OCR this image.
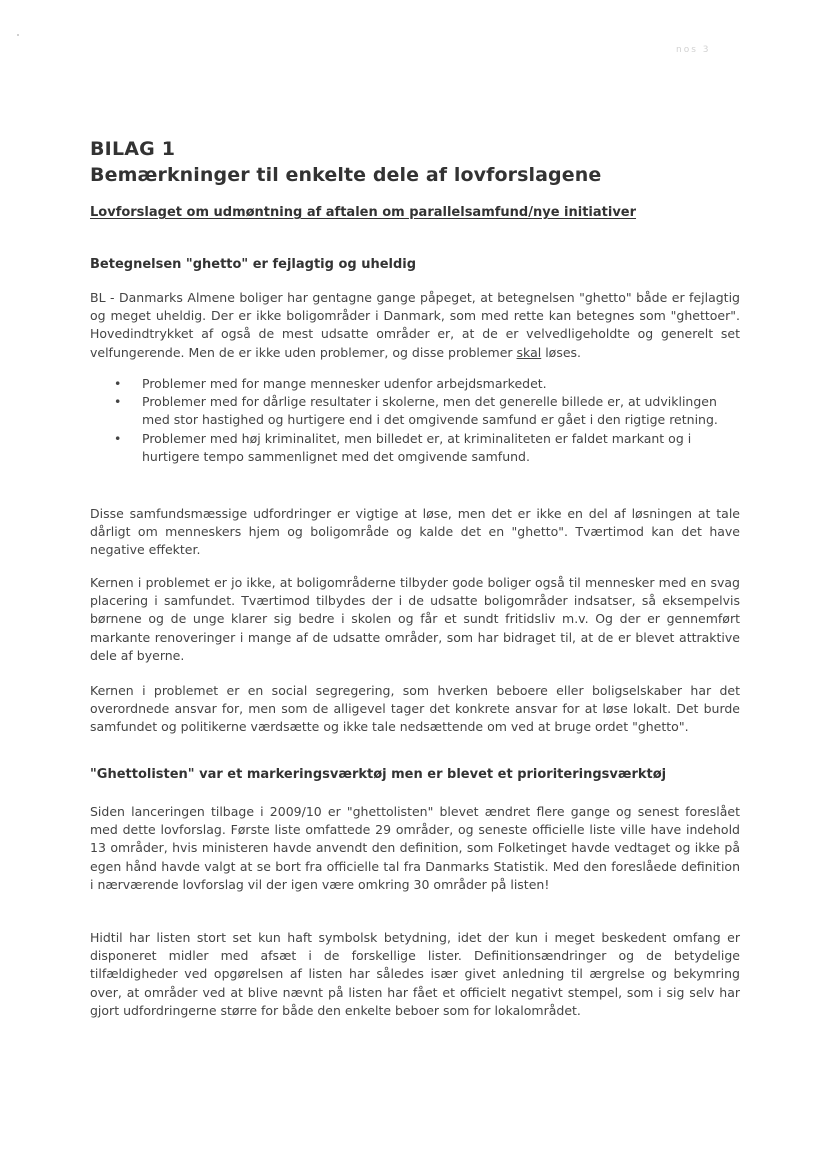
nos 3
BILAG 1
Bemærkninger til enkelte dele af lovforslagene
Lovforslaget om udmøntning af aftalen om parallelsamfund/nye initiativer
Betegnelsen "ghetto" er fejlagtig og uheldig
BL - Danmarks Almene boliger har gentagne gange påpeget, at betegnelsen "ghetto" både er fejlagtig og meget uheldig. Der er ikke boligområder i Danmark, som med rette kan betegnes som "ghettoer". Hovedindtrykket af også de mest udsatte områder er, at de er velvedligeholdte og generelt set velfungerende. Men de er ikke uden problemer, og disse problemer skal løses.
• Problemer med for mange mennesker udenfor arbejdsmarkedet.
• Problemer med for dårlige resultater i skolerne, men det generelle billede er, at udviklingen med stor hastighed og hurtigere end i det omgivende samfund er gået i den rigtige retning.
• Problemer med høj kriminalitet, men billedet er, at kriminaliteten er faldet markant og i hurtigere tempo sammenlignet med det omgivende samfund.
Disse samfundsmæssige udfordringer er vigtige at løse, men det er ikke en del af løsningen at tale dårligt om menneskers hjem og boligområde og kalde det en "ghetto". Tværtimod kan det have negative effekter.
Kernen i problemet er jo ikke, at boligområderne tilbyder gode boliger også til mennesker med en svag placering i samfundet. Tværtimod tilbydes der i de udsatte boligområder indsatser, så eksempelvis børnene og de unge klarer sig bedre i skolen og får et sundt fritidsliv m.v. Og der er gennemført markante renoveringer i mange af de udsatte områder, som har bidraget til, at de er blevet attraktive dele af byerne.
Kernen i problemet er en social segregering, som hverken beboere eller boligselskaber har det overordnede ansvar for, men som de alligevel tager det konkrete ansvar for at løse lokalt. Det burde samfundet og politikerne værdsætte og ikke tale nedsættende om ved at bruge ordet "ghetto".
"Ghettolisten" var et markeringsværktøj men er blevet et prioriteringsværktøj
Siden lanceringen tilbage i 2009/10 er "ghettolisten" blevet ændret flere gange og senest foreslået med dette lovforslag. Første liste omfattede 29 områder, og seneste officielle liste ville have indehold 13 områder, hvis ministeren havde anvendt den definition, som Folketinget havde vedtaget og ikke på egen hånd havde valgt at se bort fra officielle tal fra Danmarks Statistik. Med den foreslåede definition i nærværende lovforslag vil der igen være omkring 30 områder på listen!
Hidtil har listen stort set kun haft symbolsk betydning, idet der kun i meget beskedent omfang er disponeret midler med afsæt i de forskellige lister. Definitionsændringer og de betydelige tilfældigheder ved opgørelsen af listen har således især givet anledning til ærgrelse og bekymring over, at områder ved at blive nævnt på listen har fået et officielt negativt stempel, som i sig selv har gjort udfordringerne større for både den enkelte beboer som for lokalområdet.
